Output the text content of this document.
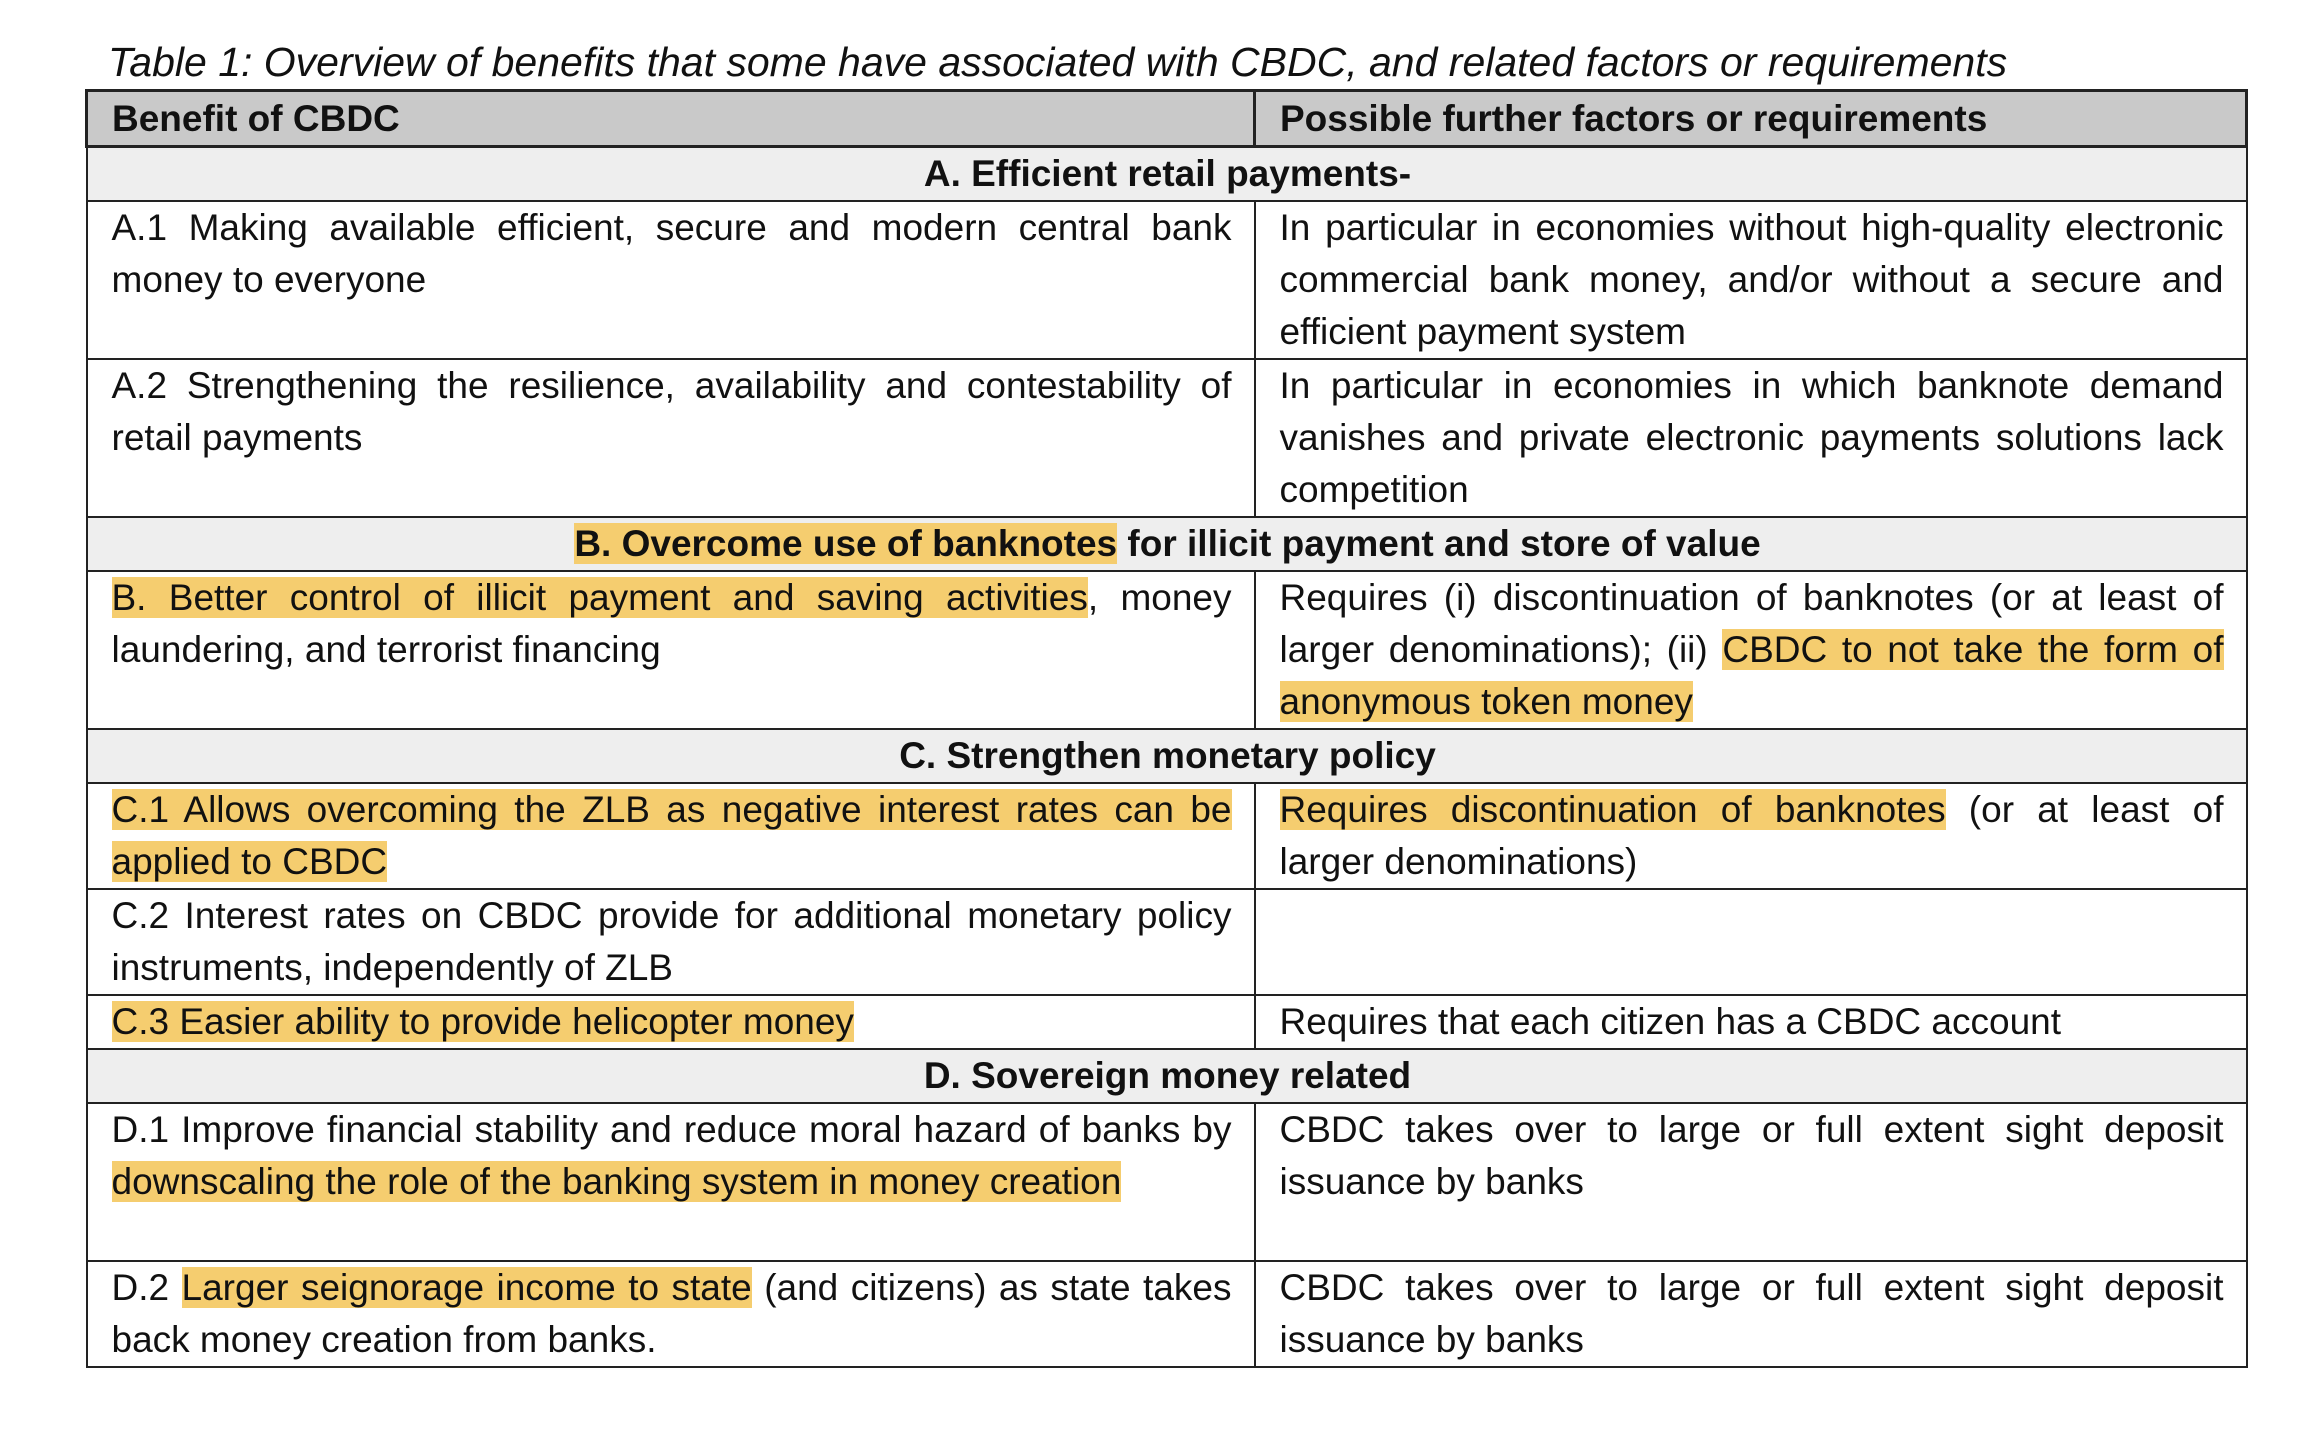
Table 1: Overview of benefits that some have associated with CBDC, and related factors or requirements
Benefit of CBDC	Possible further factors or requirements
A. Efficient retail payments-	
A.1 Making available efficient, secure and modern central bank money to everyone	In particular in economies without high-quality electronic commercial bank money, and/or without a secure and efficient payment system
A.2 Strengthening the resilience, availability and contestability of retail payments	In particular in economies in which banknote demand vanishes and private electronic payments solutions lack competition
B. Overcome use of banknotes for illicit payment and store of value	
B. Better control of illicit payment and saving activities, money laundering, and terrorist financing	Requires (i) discontinuation of banknotes (or at least of larger denominations); (ii) CBDC to not take the form of anonymous token money
C. Strengthen monetary policy	
C.1 Allows overcoming the ZLB as negative interest rates can be applied to CBDC	Requires discontinuation of banknotes (or at least of larger denominations)
C.2 Interest rates on CBDC provide for additional monetary policy instruments, independently of ZLB	
C.3 Easier ability to provide helicopter money	Requires that each citizen has a CBDC account
D. Sovereign money related	
D.1 Improve financial stability and reduce moral hazard of banks by downscaling the role of the banking system in money creation	CBDC takes over to large or full extent sight deposit issuance by banks
D.2 Larger seignorage income to state (and citizens) as state takes back money creation from banks.	CBDC takes over to large or full extent sight deposit issuance by banks
